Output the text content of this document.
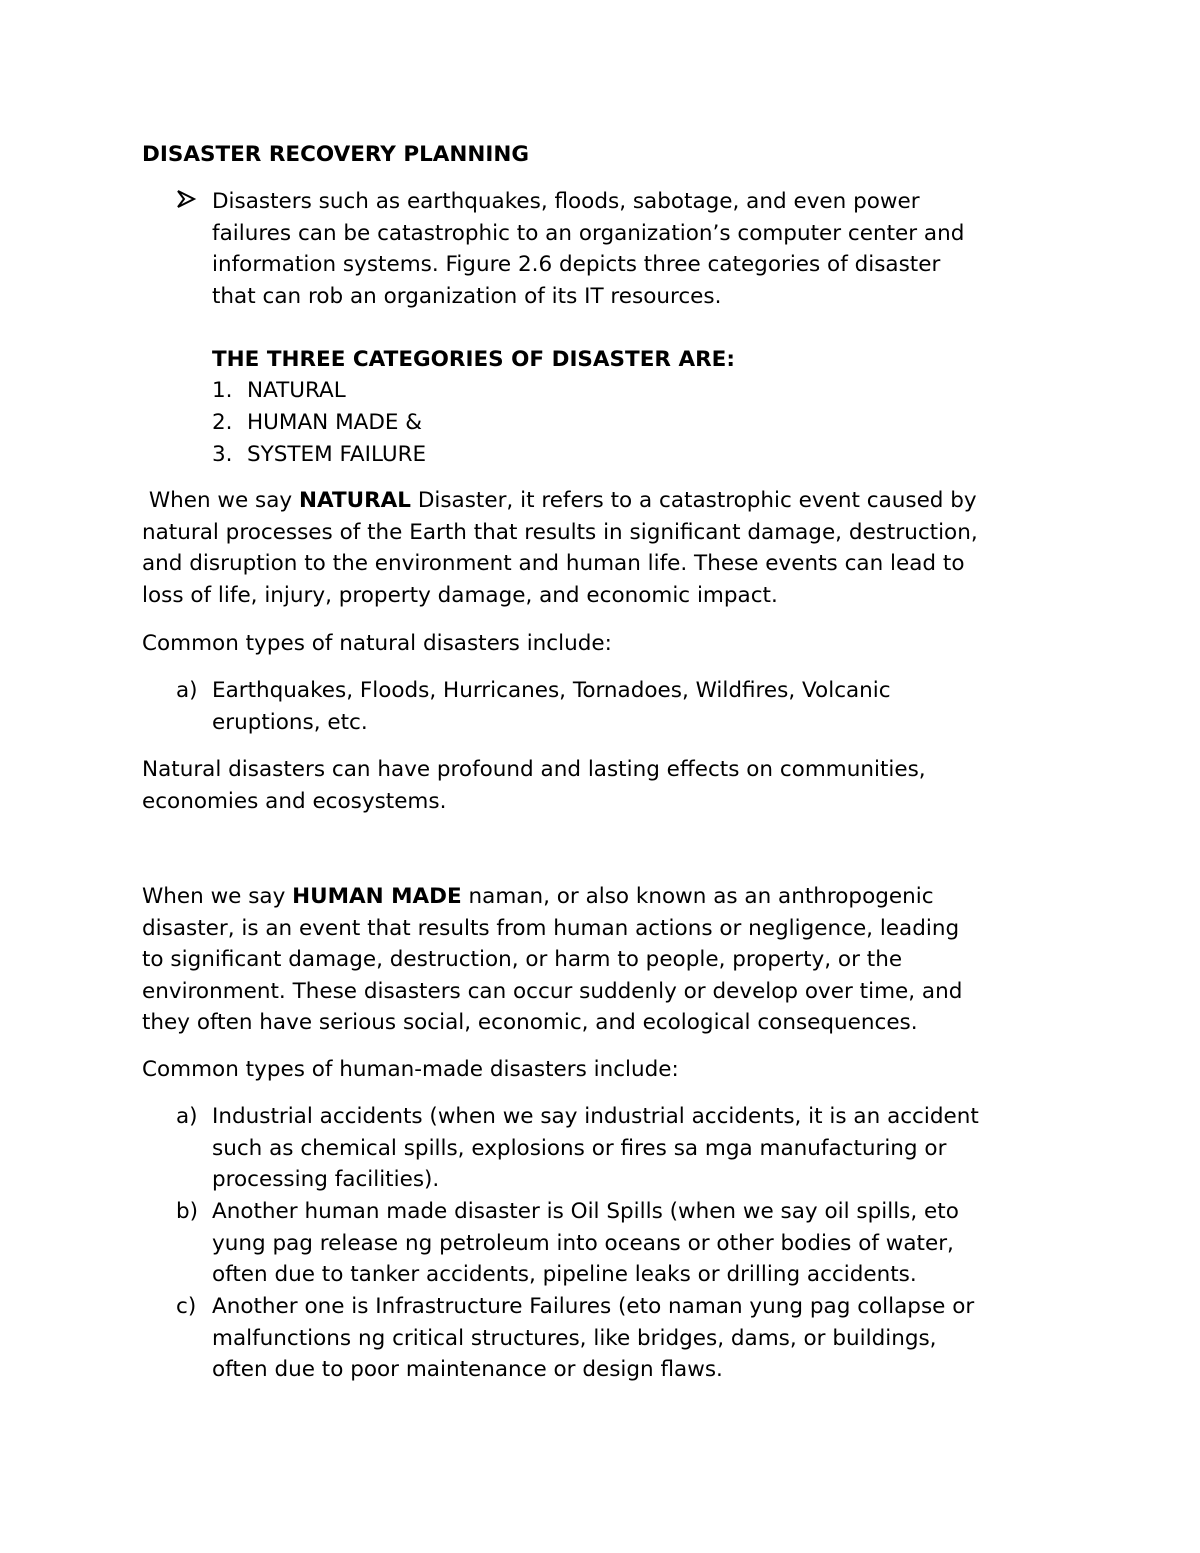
DISASTER RECOVERY PLANNING
Disasters such as earthquakes, floods, sabotage, and even power
failures can be catastrophic to an organization’s computer center and
information systems. Figure 2.6 depicts three categories of disaster
that can rob an organization of its IT resources.
THE THREE CATEGORIES OF DISASTER ARE:
1. NATURAL
2. HUMAN MADE &
3. SYSTEM FAILURE
When we say NATURAL Disaster, it refers to a catastrophic event caused by
natural processes of the Earth that results in significant damage, destruction,
and disruption to the environment and human life. These events can lead to
loss of life, injury, property damage, and economic impact.
Common types of natural disasters include:
a) Earthquakes, Floods, Hurricanes, Tornadoes, Wildfires, Volcanic
eruptions, etc.
Natural disasters can have profound and lasting effects on communities,
economies and ecosystems.
When we say HUMAN MADE naman, or also known as an anthropogenic
disaster, is an event that results from human actions or negligence, leading
to significant damage, destruction, or harm to people, property, or the
environment. These disasters can occur suddenly or develop over time, and
they often have serious social, economic, and ecological consequences.
Common types of human-made disasters include:
a) Industrial accidents (when we say industrial accidents, it is an accident
such as chemical spills, explosions or fires sa mga manufacturing or
processing facilities).
b) Another human made disaster is Oil Spills (when we say oil spills, eto
yung pag release ng petroleum into oceans or other bodies of water,
often due to tanker accidents, pipeline leaks or drilling accidents.
c) Another one is Infrastructure Failures (eto naman yung pag collapse or
malfunctions ng critical structures, like bridges, dams, or buildings,
often due to poor maintenance or design flaws.
